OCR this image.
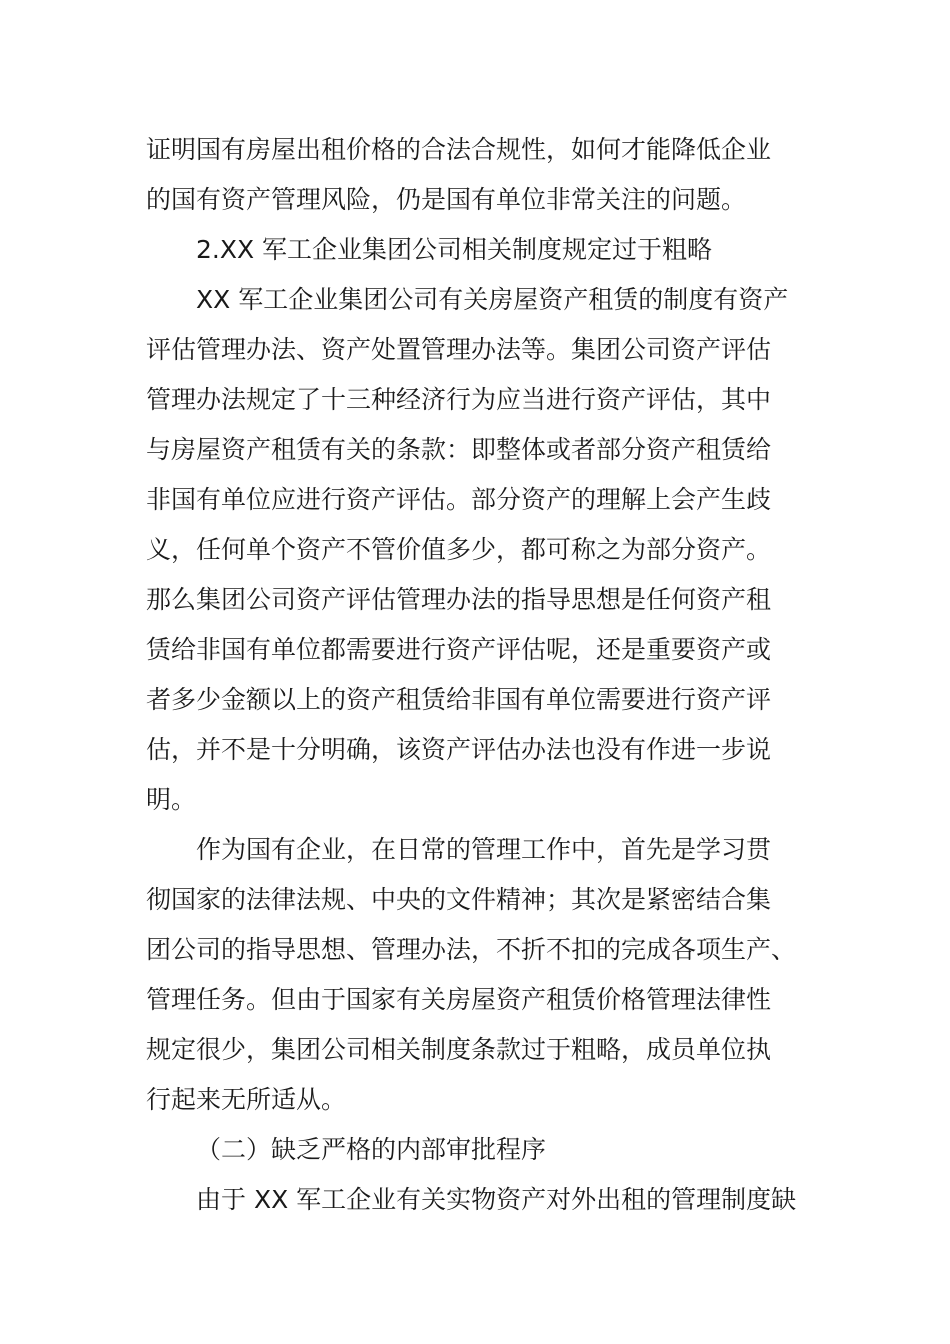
证明国有房屋出租价格的合法合规性，如何才能降低企业
的国有资产管理风险，仍是国有单位非常关注的问题。
2.XX 军工企业集团公司相关制度规定过于粗略
XX 军工企业集团公司有关房屋资产租赁的制度有资产
评估管理办法、资产处置管理办法等。集团公司资产评估
管理办法规定了十三种经济行为应当进行资产评估，其中
与房屋资产租赁有关的条款：即整体或者部分资产租赁给
非国有单位应进行资产评估。部分资产的理解上会产生歧
义，任何单个资产不管价值多少，都可称之为部分资产。
那么集团公司资产评估管理办法的指导思想是任何资产租
赁给非国有单位都需要进行资产评估呢，还是重要资产或
者多少金额以上的资产租赁给非国有单位需要进行资产评
估，并不是十分明确，该资产评估办法也没有作进一步说
明。
作为国有企业，在日常的管理工作中，首先是学习贯
彻国家的法律法规、中央的文件精神；其次是紧密结合集
团公司的指导思想、管理办法，不折不扣的完成各项生产、
管理任务。但由于国家有关房屋资产租赁价格管理法律性
规定很少，集团公司相关制度条款过于粗略，成员单位执
行起来无所适从。
（二）缺乏严格的内部审批程序
由于 XX 军工企业有关实物资产对外出租的管理制度缺
